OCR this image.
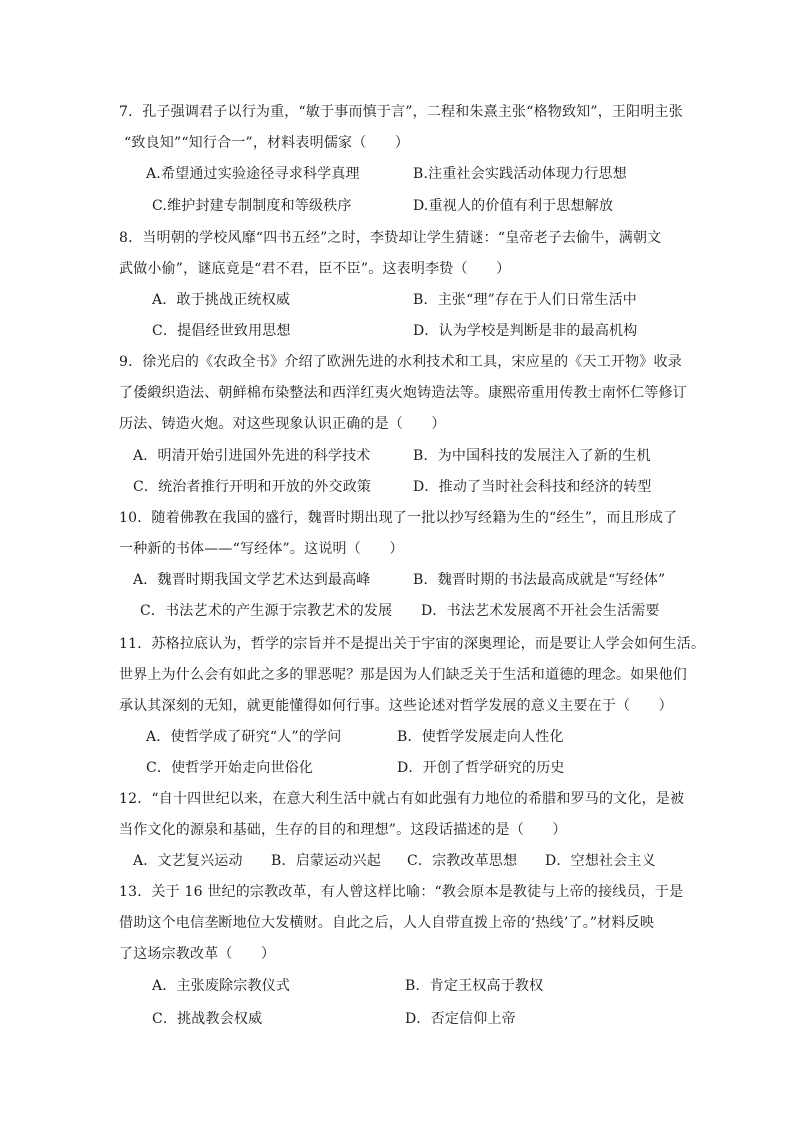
7．孔子强调君子以行为重，“敏于事而慎于言”，二程和朱熹主张“格物致知”，王阳明主张
“致良知”“知行合一”，材料表明儒家（　　）
A.希望通过实验途径寻求科学真理	B.注重社会实践活动体现力行思想
C.维护封建专制制度和等级秩序	D.重视人的价值有利于思想解放
8．当明朝的学校风靡“四书五经”之时，李贽却让学生猜谜：“皇帝老子去偷牛，满朝文
武做小偷”，谜底竟是“君不君，臣不臣”。这表明李贽（　　）
A．敢于挑战正统权威	B．主张“理”存在于人们日常生活中
C．提倡经世致用思想	D．认为学校是判断是非的最高机构
9．徐光启的《农政全书》介绍了欧洲先进的水利技术和工具，宋应星的《天工开物》收录
了倭緞织造法、朝鲜棉布染整法和西洋红夷火炮铸造法等。康熙帝重用传教士南怀仁等修订
历法、铸造火炮。对这些现象认识正确的是（　　）
A．明清开始引进国外先进的科学技术	B．为中国科技的发展注入了新的生机
C．统治者推行开明和开放的外交政策	D．推动了当时社会科技和经济的转型
10．随着佛教在我国的盛行，魏晋时期出现了一批以抄写经籍为生的“经生”，而且形成了
一种新的书体——“写经体”。这说明（　　）
A．魏晋时期我国文学艺术达到最高峰	B．魏晋时期的书法最高成就是“写经体”
C．书法艺术的产生源于宗教艺术的发展 D．书法艺术发展离不开社会生活需要
11．苏格拉底认为，哲学的宗旨并不是提出关于宇宙的深奥理论，而是要让人学会如何生活。
世界上为什么会有如此之多的罪恶呢？那是因为人们缺乏关于生活和道德的理念。如果他们
承认其深刻的无知，就更能懂得如何行事。这些论述对哲学发展的意义主要在于（　　）
A．使哲学成了研究“人”的学问	B．使哲学发展走向人性化
C．使哲学开始走向世俗化	D．开创了哲学研究的历史
12．“自十四世纪以来，在意大利生活中就占有如此强有力地位的希腊和罗马的文化，是被
当作文化的源泉和基础，生存的目的和理想”。这段话描述的是（　　）
A．文艺复兴运动 B．启蒙运动兴起 C．宗教改革思想 D．空想社会主义
13．关于 16 世纪的宗教改革，有人曾这样比喻：“教会原本是教徒与上帝的接线员，于是
借助这个电信垄断地位大发横财。自此之后，人人自带直拨上帝的‘热线’了。”材料反映
了这场宗教改革（　　）
A．主张废除宗教仪式	B．肯定王权高于教权
C．挑战教会权威	D．否定信仰上帝
